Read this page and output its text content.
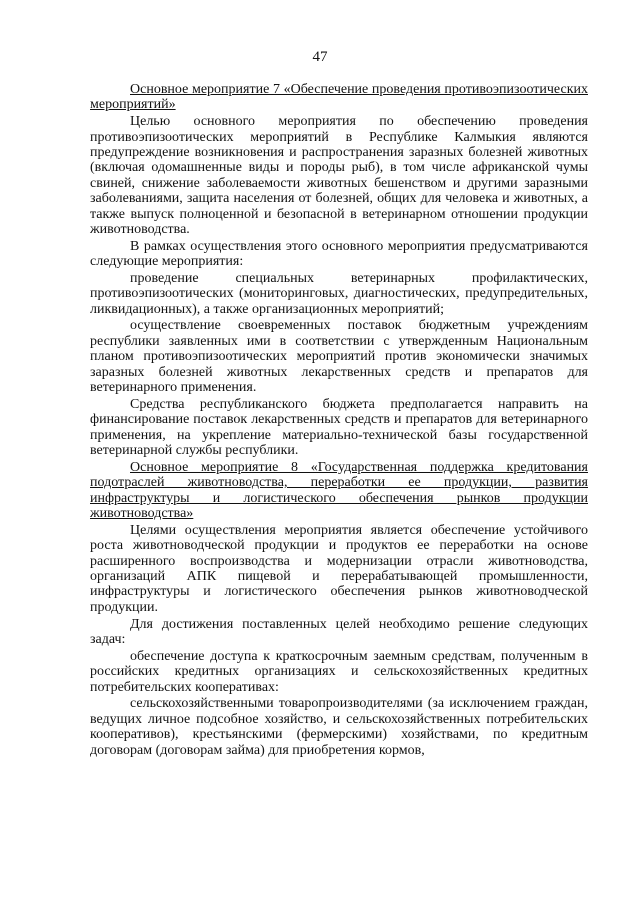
47

Основное мероприятие 7 «Обеспечение проведения противоэпизоотических мероприятий»

Целью основного мероприятия по обеспечению проведения противоэпизоотических мероприятий в Республике Калмыкия являются предупреждение возникновения и распространения заразных болезней животных (включая одомашненные виды и породы рыб), в том числе африканской чумы свиней, снижение заболеваемости животных бешенством и другими заразными заболеваниями, защита населения от болезней, общих для человека и животных, а также выпуск полноценной и безопасной в ветеринарном отношении продукции животноводства.

В рамках осуществления этого основного мероприятия предусматриваются следующие мероприятия:

проведение специальных ветеринарных профилактических, противоэпизоотических (мониторинговых, диагностических, предупредительных, ликвидационных), а также организационных мероприятий;

осуществление своевременных поставок бюджетным учреждениям республики заявленных ими в соответствии с утвержденным Национальным планом противоэпизоотических мероприятий против экономически значимых заразных болезней животных лекарственных средств и препаратов для ветеринарного применения.

Средства республиканского бюджета предполагается направить на финансирование поставок лекарственных средств и препаратов для ветеринарного применения, на укрепление материально-технической базы государственной ветеринарной службы республики.

Основное мероприятие 8 «Государственная поддержка кредитования подотраслей животноводства, переработки ее продукции, развития инфраструктуры и логистического обеспечения рынков продукции животноводства»

Целями осуществления мероприятия является обеспечение устойчивого роста животноводческой продукции и продуктов ее переработки на основе расширенного воспроизводства и модернизации отрасли животноводства, организаций АПК пищевой и перерабатывающей промышленности, инфраструктуры и логистического обеспечения рынков животноводческой продукции.

Для достижения поставленных целей необходимо решение следующих задач:

обеспечение доступа к краткосрочным заемным средствам, полученным в российских кредитных организациях и сельскохозяйственных кредитных потребительских кооперативах:

сельскохозяйственными товаропроизводителями (за исключением граждан, ведущих личное подсобное хозяйство, и сельскохозяйственных потребительских кооперативов), крестьянскими (фермерскими) хозяйствами, по кредитным договорам (договорам займа) для приобретения кормов,
